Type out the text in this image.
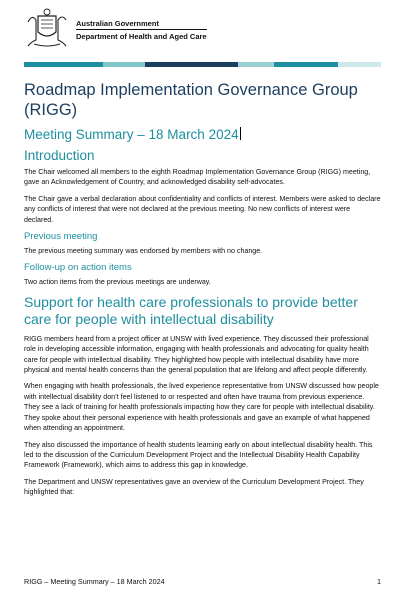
Australian Government
Department of Health and Aged Care
Roadmap Implementation Governance Group (RIGG)
Meeting Summary – 18 March 2024
Introduction

The Chair welcomed all members to the eighth Roadmap Implementation Governance Group (RIGG) meeting, gave an Acknowledgement of Country, and acknowledged disability self-advocates.

The Chair gave a verbal declaration about confidentiality and conflicts of interest. Members were asked to declare any conflicts of interest that were not declared at the previous meeting. No new conflicts of interest were declared.

Previous meeting

The previous meeting summary was endorsed by members with no change.

Follow-up on action items

Two action items from the previous meetings are underway.

Support for health care professionals to provide better care for people with intellectual disability

RIGG members heard from a project officer at UNSW with lived experience. They discussed their professional role in developing accessible information, engaging with health professionals and advocating for quality health care for people with intellectual disability. They highlighted how people with intellectual disability have more physical and mental health concerns than the general population that are lifelong and affect people differently.

When engaging with health professionals, the lived experience representative from UNSW discussed how people with intellectual disability don’t feel listened to or respected and often have trauma from previous experience. They see a lack of training for health professionals impacting how they care for people with intellectual disability. They spoke about their personal experience with health professionals and gave an example of what happened when attending an appointment.

They also discussed the importance of health students learning early on about intellectual disability health. This led to the discussion of the Curriculum Development Project and the Intellectual Disability Health Capability Framework (Framework), which aims to address this gap in knowledge.

The Department and UNSW representatives gave an overview of the Curriculum Development Project. They highlighted that:

RIGG – Meeting Summary – 18 March 2024	1
